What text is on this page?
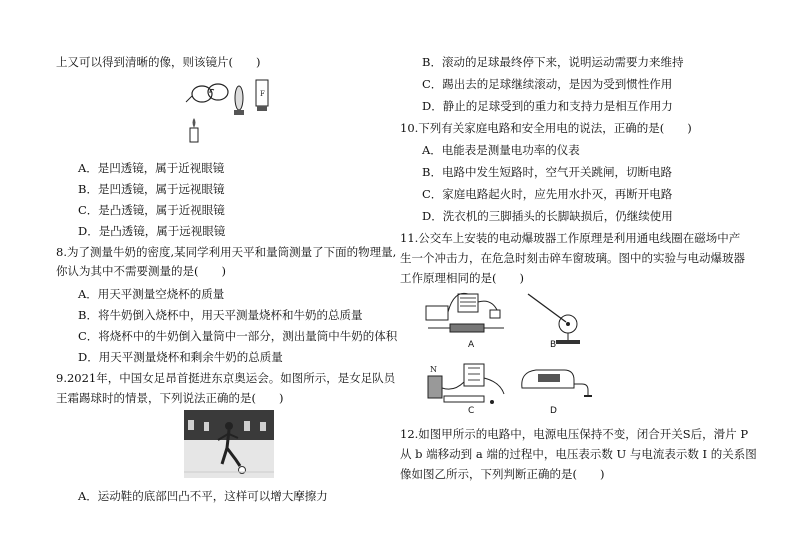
上又可以得到清晰的像，则该镜片(　　)
F
A．是凹透镜，属于近视眼镜
B．是凹透镜，属于远视眼镜
C．是凸透镜，属于近视眼镜
D．是凸透镜，属于远视眼镜
8.为了测量牛奶的密度,某同学利用天平和量筒测量了下面的物理量,
你认为其中不需要测量的是(　　)
A．用天平测量空烧杯的质量
B．将牛奶倒入烧杯中，用天平测量烧杯和牛奶的总质量
C．将烧杯中的牛奶倒入量筒中一部分，测出量筒中牛奶的体积
D．用天平测量烧杯和剩余牛奶的总质量
9.2021年，中国女足昂首挺进东京奥运会。如图所示，是女足队员
王霜踢球时的情景，下列说法正确的是(　　)
A．运动鞋的底部凹凸不平，这样可以增大摩擦力
B．滚动的足球最终停下来，说明运动需要力来维持
C．踢出去的足球继续滚动，是因为受到惯性作用
D．静止的足球受到的重力和支持力是相互作用力
10.下列有关家庭电路和安全用电的说法，正确的是(　　)
A．电能表是测量电功率的仪表
B．电路中发生短路时，空气开关跳闸，切断电路
C．家庭电路起火时，应先用水扑灭，再断开电路
D．洗衣机的三脚插头的长脚缺损后，仍继续使用
11.公交车上安装的电动爆玻器工作原理是利用通电线圈在磁场中产
生一个冲击力，在危急时刻击碎车窗玻璃。图中的实验与电动爆玻器
工作原理相同的是(　　)
A	B
N
C	D
12.如图甲所示的电路中，电源电压保持不变，闭合开关S后，滑片 P
从 b 端移动到 a 端的过程中，电压表示数 U 与电流表示数 I 的关系图
像如图乙所示，下列判断正确的是(　　)
